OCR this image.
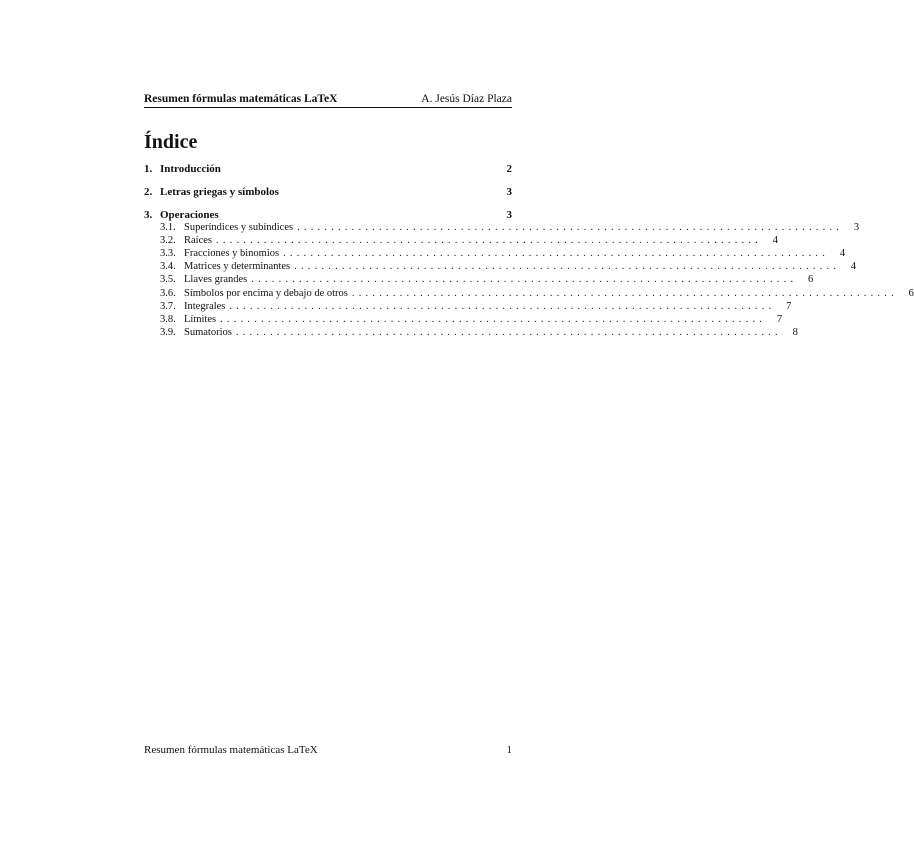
Resumen fórmulas matemáticas LaTeX	A. Jesús Díaz Plaza
Índice
1. Introducción	2
2. Letras griegas y símbolos	3
3. Operaciones	3
3.1. Superíndices y subíndices ................................................................................	3
3.2. Raíces ................................................................................	4
3.3. Fracciones y binomios ................................................................................	4
3.4. Matrices y determinantes ................................................................................	4
3.5. Llaves grandes ................................................................................	6
3.6. Símbolos por encima y debajo de otros ................................................................................	6
3.7. Integrales ................................................................................	7
3.8. Límites ................................................................................	7
3.9. Sumatorios ................................................................................	8
Resumen fórmulas matemáticas LaTeX	1
